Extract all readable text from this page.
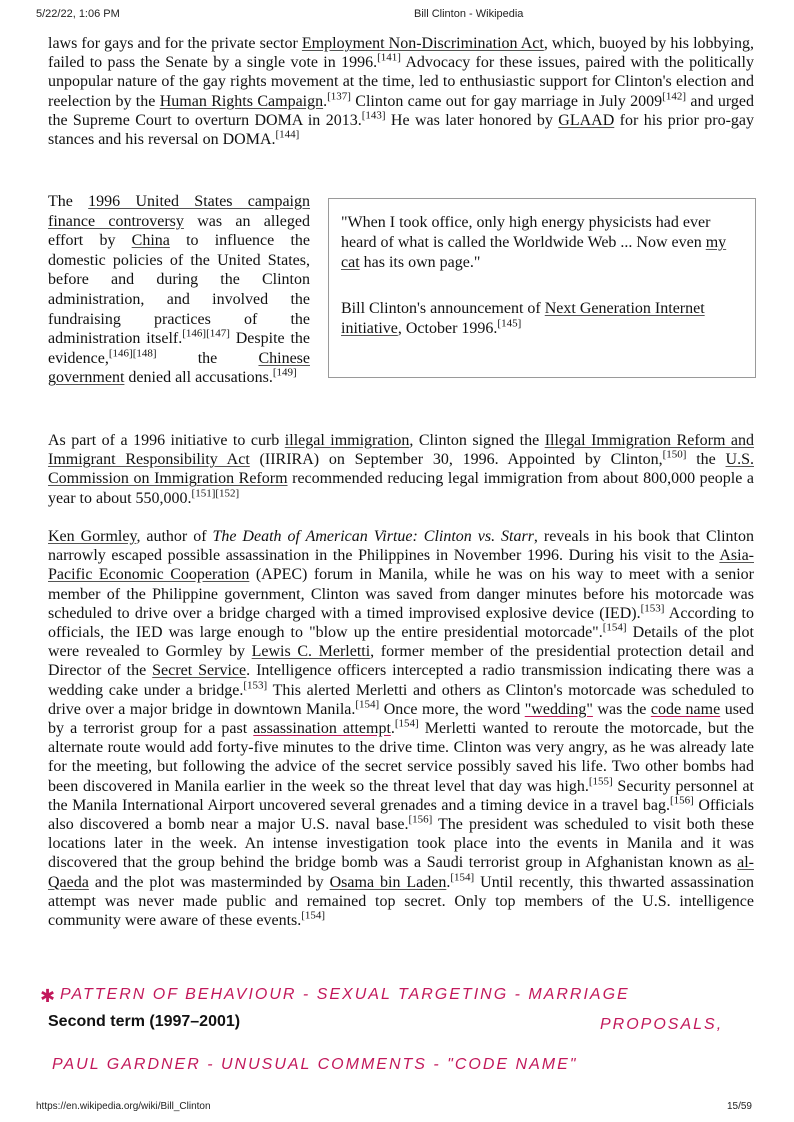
5/22/22, 1:06 PM	Bill Clinton - Wikipedia

laws for gays and for the private sector Employment Non-Discrimination Act, which, buoyed by his lobbying, failed to pass the Senate by a single vote in 1996.[141] Advocacy for these issues, paired with the politically unpopular nature of the gay rights movement at the time, led to enthusiastic support for Clinton's election and reelection by the Human Rights Campaign.[137] Clinton came out for gay marriage in July 2009[142] and urged the Supreme Court to overturn DOMA in 2013.[143] He was later honored by GLAAD for his prior pro-gay stances and his reversal on DOMA.[144]

The 1996 United States campaign finance controversy was an alleged effort by China to influence the domestic policies of the United States, before and during the Clinton administration, and involved the fundraising practices of the administration itself.[146][147] Despite the evidence,[146][148] the Chinese government denied all accusations.[149]

"When I took office, only high energy physicists had ever heard of what is called the Worldwide Web ... Now even my cat has its own page."

Bill Clinton's announcement of Next Generation Internet initiative, October 1996.[145]

As part of a 1996 initiative to curb illegal immigration, Clinton signed the Illegal Immigration Reform and Immigrant Responsibility Act (IIRIRA) on September 30, 1996. Appointed by Clinton,[150] the U.S. Commission on Immigration Reform recommended reducing legal immigration from about 800,000 people a year to about 550,000.[151][152]

Ken Gormley, author of The Death of American Virtue: Clinton vs. Starr, reveals in his book that Clinton narrowly escaped possible assassination in the Philippines in November 1996. During his visit to the Asia-Pacific Economic Cooperation (APEC) forum in Manila, while he was on his way to meet with a senior member of the Philippine government, Clinton was saved from danger minutes before his motorcade was scheduled to drive over a bridge charged with a timed improvised explosive device (IED).[153] According to officials, the IED was large enough to "blow up the entire presidential motorcade".[154] Details of the plot were revealed to Gormley by Lewis C. Merletti, former member of the presidential protection detail and Director of the Secret Service. Intelligence officers intercepted a radio transmission indicating there was a wedding cake under a bridge.[153] This alerted Merletti and others as Clinton's motorcade was scheduled to drive over a major bridge in downtown Manila.[154] Once more, the word "wedding" was the code name used by a terrorist group for a past assassination attempt.[154] Merletti wanted to reroute the motorcade, but the alternate route would add forty-five minutes to the drive time. Clinton was very angry, as he was already late for the meeting, but following the advice of the secret service possibly saved his life. Two other bombs had been discovered in Manila earlier in the week so the threat level that day was high.[155] Security personnel at the Manila International Airport uncovered several grenades and a timing device in a travel bag.[156] Officials also discovered a bomb near a major U.S. naval base.[156] The president was scheduled to visit both these locations later in the week. An intense investigation took place into the events in Manila and it was discovered that the group behind the bridge bomb was a Saudi terrorist group in Afghanistan known as al-Qaeda and the plot was masterminded by Osama bin Laden.[154] Until recently, this thwarted assassination attempt was never made public and remained top secret. Only top members of the U.S. intelligence community were aware of these events.[154]

✱ PATTERN OF BEHAVIOUR - SEXUAL TARGETING - MARRIAGE
PROPOSALS,
Second term (1997–2001)
PAUL GARDNER - UNUSUAL COMMENTS - "CODE NAME"
https://en.wikipedia.org/wiki/Bill_Clinton	15/59
